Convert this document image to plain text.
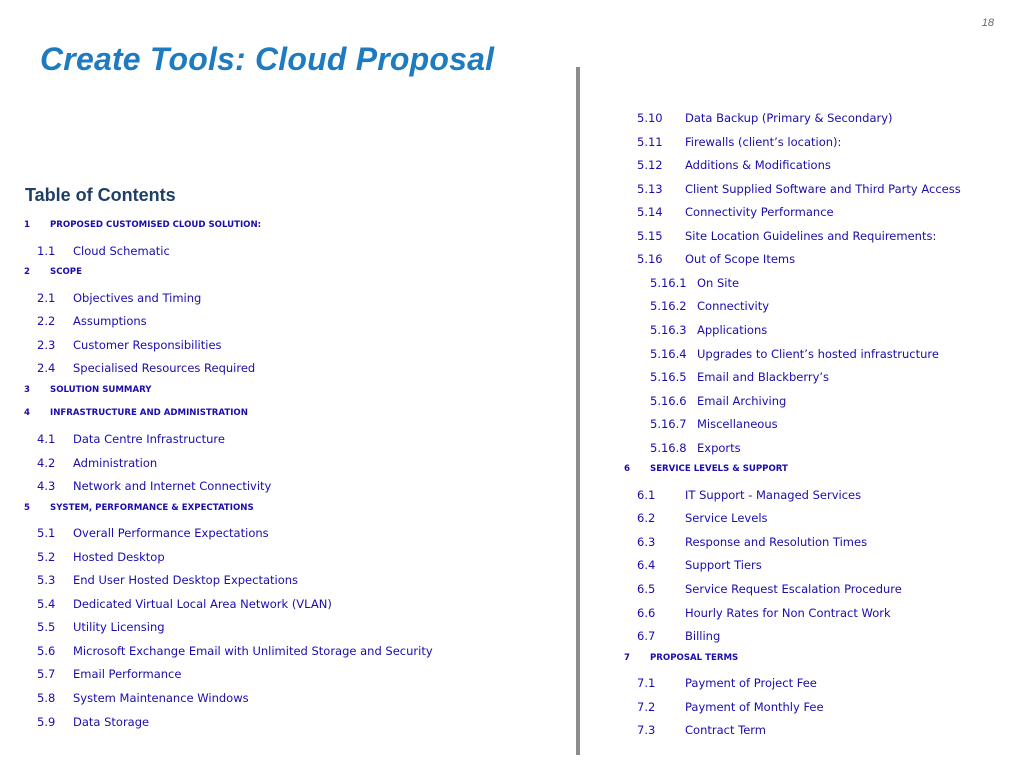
18
Create Tools: Cloud Proposal
Table of Contents
1 PROPOSED CUSTOMISED CLOUD SOLUTION:
1.1 Cloud Schematic
2 SCOPE
2.1 Objectives and Timing
2.2 Assumptions
2.3 Customer Responsibilities
2.4 Specialised Resources Required
3 SOLUTION SUMMARY
4 INFRASTRUCTURE AND ADMINISTRATION
4.1 Data Centre Infrastructure
4.2 Administration
4.3 Network and Internet Connectivity
5 SYSTEM, PERFORMANCE & EXPECTATIONS
5.1 Overall Performance Expectations
5.2 Hosted Desktop
5.3 End User Hosted Desktop Expectations
5.4 Dedicated Virtual Local Area Network (VLAN)
5.5 Utility Licensing
5.6 Microsoft Exchange Email with Unlimited Storage and Security
5.7 Email Performance
5.8 System Maintenance Windows
5.9 Data Storage
5.10 Data Backup (Primary & Secondary)
5.11 Firewalls (client’s location):
5.12 Additions & Modifications
5.13 Client Supplied Software and Third Party Access
5.14 Connectivity Performance
5.15 Site Location Guidelines and Requirements:
5.16 Out of Scope Items
5.16.1 On Site
5.16.2 Connectivity
5.16.3 Applications
5.16.4 Upgrades to Client’s hosted infrastructure
5.16.5 Email and Blackberry’s
5.16.6 Email Archiving
5.16.7 Miscellaneous
5.16.8 Exports
6 SERVICE LEVELS & SUPPORT
6.1	IT Support - Managed Services
6.2	Service Levels
6.3	Response and Resolution Times
6.4	Support Tiers
6.5	Service Request Escalation Procedure
6.6	Hourly Rates for Non Contract Work
6.7	Billing
7 PROPOSAL TERMS
7.1	Payment of Project Fee
7.2	Payment of Monthly Fee
7.3	Contract Term
